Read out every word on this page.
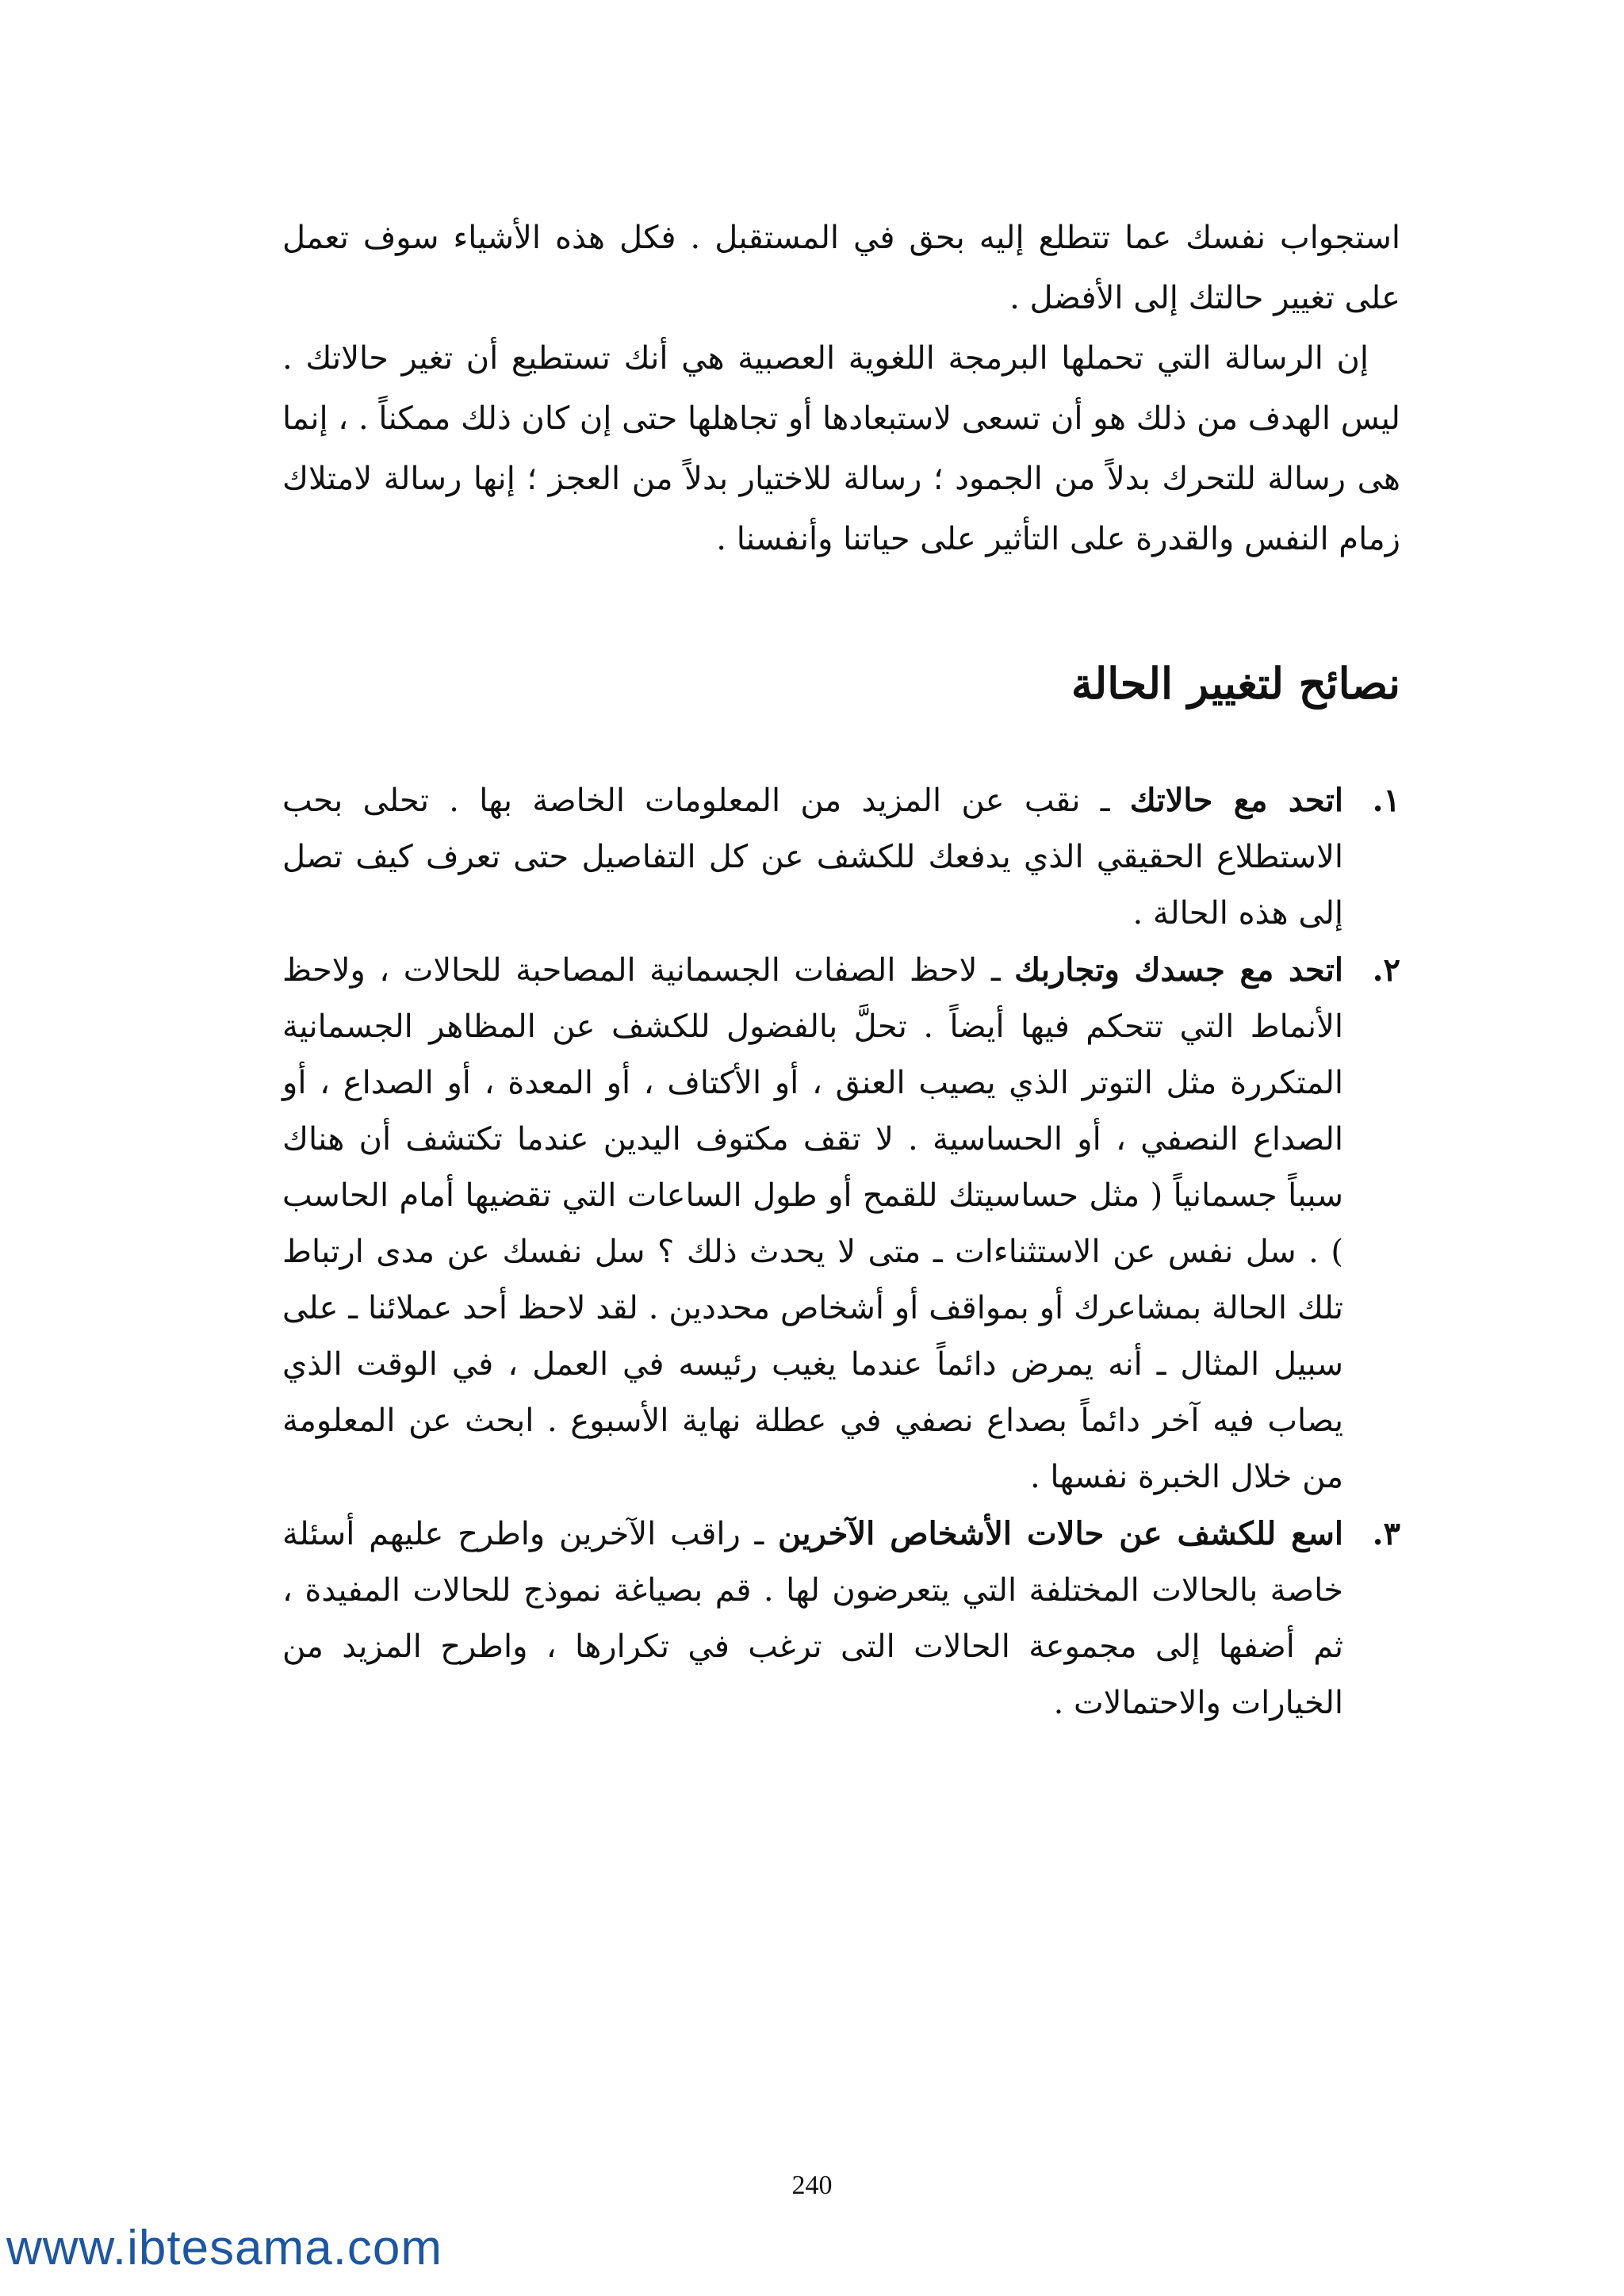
استجواب نفسك عما تتطلع إليه بحق في المستقبل . فكل هذه الأشياء سوف تعمل على تغيير حالتك إلى الأفضل .

إن الرسالة التي تحملها البرمجة اللغوية العصبية هي أنك تستطيع أن تغير حالاتك . ليس الهدف من ذلك هو أن تسعى لاستبعادها أو تجاهلها حتى إن كان ذلك ممكناً . ، إنما هى رسالة للتحرك بدلاً من الجمود ؛ رسالة للاختيار بدلاً من العجز ؛ إنها رسالة لامتلاك زمام النفس والقدرة على التأثير على حياتنا وأنفسنا .

نصائح لتغيير الحالة
١.
اتحد مع حالاتك ـ نقب عن المزيد من المعلومات الخاصة بها . تحلى بحب الاستطلاع الحقيقي الذي يدفعك للكشف عن كل التفاصيل حتى تعرف كيف تصل إلى هذه الحالة .
٢.
اتحد مع جسدك وتجاربك ـ لاحظ الصفات الجسمانية المصاحبة للحالات ، ولاحظ الأنماط التي تتحكم فيها أيضاً . تحلَّ بالفضول للكشف عن المظاهر الجسمانية المتكررة مثل التوتر الذي يصيب العنق ، أو الأكتاف ، أو المعدة ، أو الصداع ، أو الصداع النصفي ، أو الحساسية . لا تقف مكتوف اليدين عندما تكتشف أن هناك سبباً جسمانياً ( مثل حساسيتك للقمح أو طول الساعات التي تقضيها أمام الحاسب ) . سل نفس عن الاستثناءات ـ متى لا يحدث ذلك ؟ سل نفسك عن مدى ارتباط تلك الحالة بمشاعرك أو بمواقف أو أشخاص محددين . لقد لاحظ أحد عملائنا ـ على سبيل المثال ـ أنه يمرض دائماً عندما يغيب رئيسه في العمل ، في الوقت الذي يصاب فيه آخر دائماً بصداع نصفي في عطلة نهاية الأسبوع . ابحث عن المعلومة من خلال الخبرة نفسها .
٣.
اسع للكشف عن حالات الأشخاص الآخرين ـ راقب الآخرين واطرح عليهم أسئلة خاصة بالحالات المختلفة التي يتعرضون لها . قم بصياغة نموذج للحالات المفيدة ، ثم أضفها إلى مجموعة الحالات التى ترغب في تكرارها ، واطرح المزيد من الخيارات والاحتمالات .
240
www.ibtesama.com
